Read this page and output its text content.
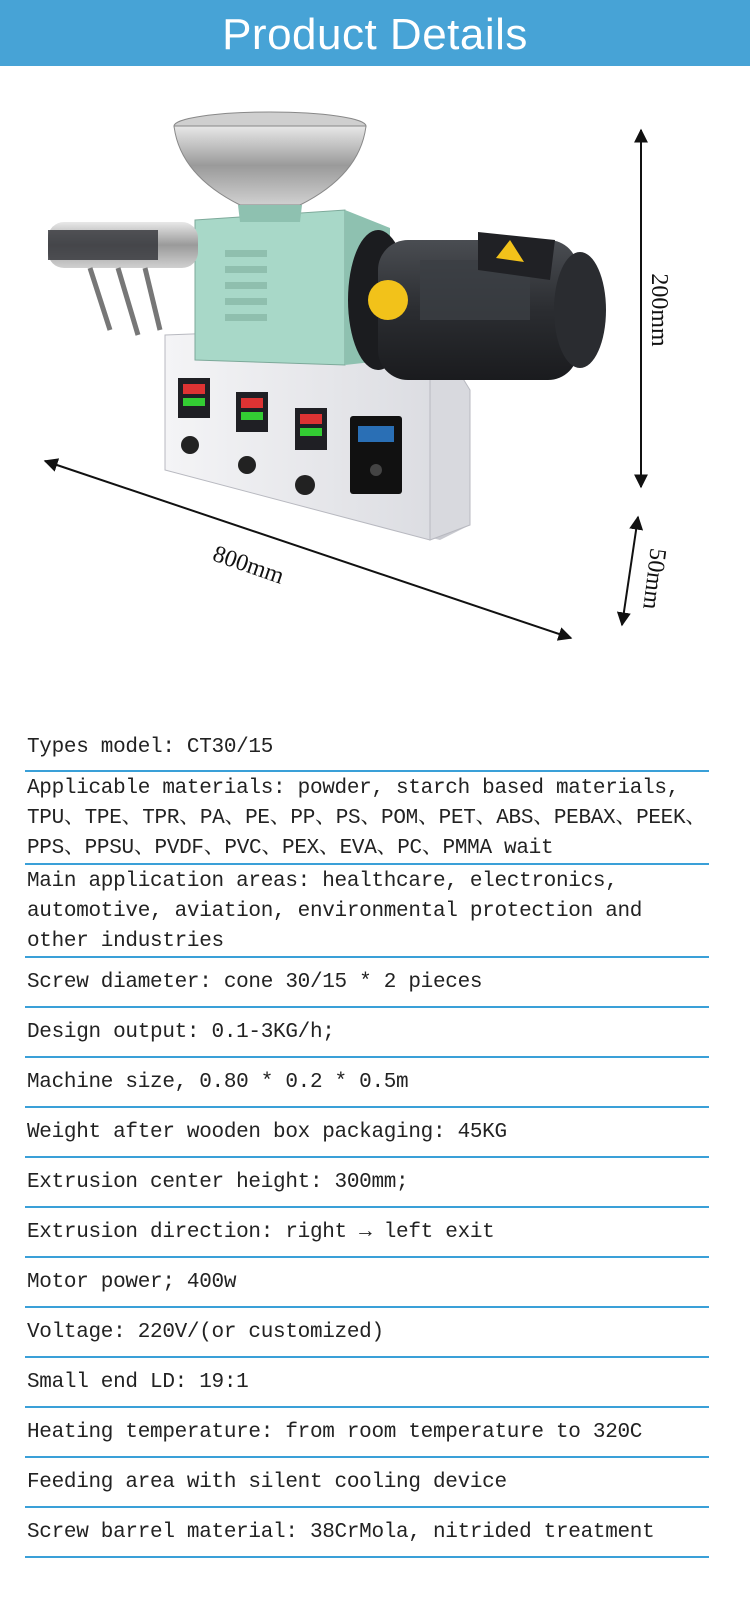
Product Details
200mm
800mm	50mm
Types model: CT30/15
Applicable materials: powder, starch based materials, TPU、TPE、TPR、PA、PE、PP、PS、POM、PET、ABS、PEBAX、PEEK、PPS、PPSU、PVDF、PVC、PEX、EVA、PC、PMMA wait
Main application areas: healthcare, electronics, automotive, aviation, environmental protection and other industries
Screw diameter: cone 30/15 * 2 pieces
Design output: 0.1-3KG/h;
Machine size, 0.80 * 0.2 * 0.5m
Weight after wooden box packaging: 45KG
Extrusion center height: 300mm;
Extrusion direction: right → left exit
Motor power; 400w
Voltage: 220V/(or customized)
Small end LD: 19:1
Heating temperature: from room temperature to 320C
Feeding area with silent cooling device
Screw barrel material: 38CrMola, nitrided treatment
